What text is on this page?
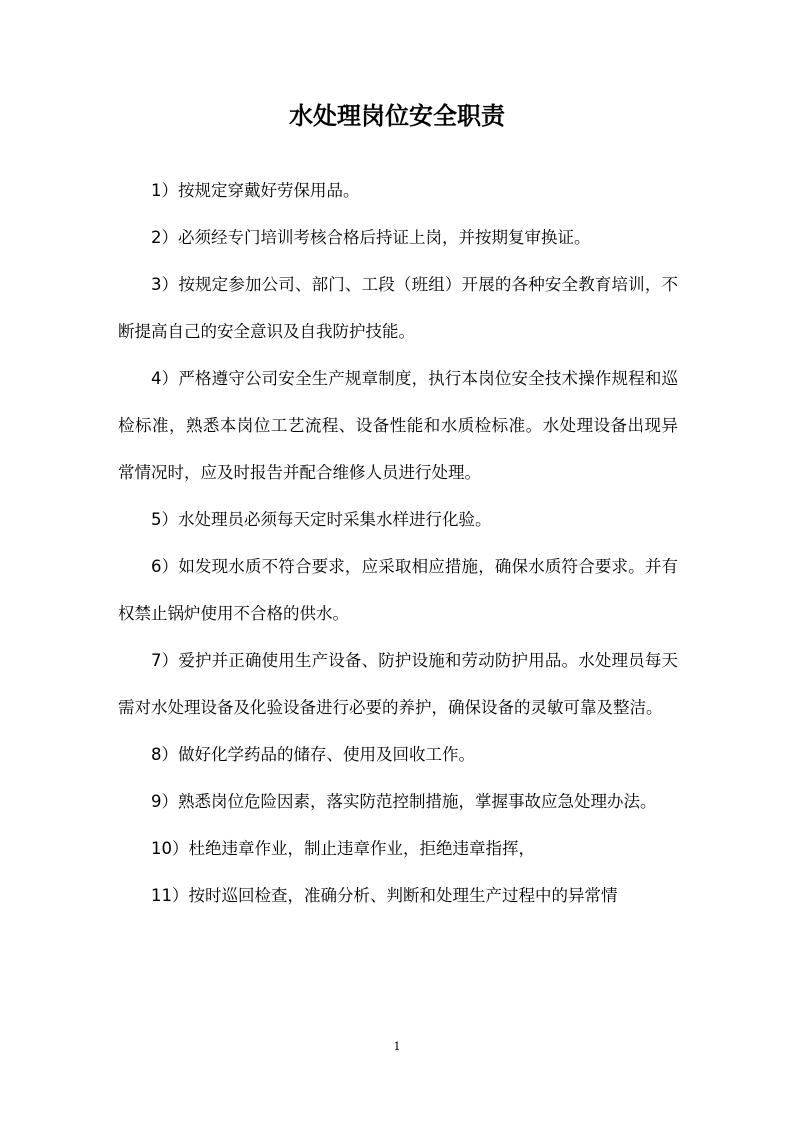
水处理岗位安全职责

1）按规定穿戴好劳保用品。

2）必须经专门培训考核合格后持证上岗，并按期复审换证。

3）按规定参加公司、部门、工段（班组）开展的各种安全教育培训，不断提高自己的安全意识及自我防护技能。

4）严格遵守公司安全生产规章制度，执行本岗位安全技术操作规程和巡检标准，熟悉本岗位工艺流程、设备性能和水质检标准。水处理设备出现异常情况时，应及时报告并配合维修人员进行处理。

5）水处理员必须每天定时采集水样进行化验。

6）如发现水质不符合要求，应采取相应措施，确保水质符合要求。并有权禁止锅炉使用不合格的供水。

7）爱护并正确使用生产设备、防护设施和劳动防护用品。水处理员每天需对水处理设备及化验设备进行必要的养护，确保设备的灵敏可靠及整洁。

8）做好化学药品的储存、使用及回收工作。

9）熟悉岗位危险因素，落实防范控制措施，掌握事故应急处理办法。

10）杜绝违章作业，制止违章作业，拒绝违章指挥，

11）按时巡回检查，准确分析、判断和处理生产过程中的异常情

1
